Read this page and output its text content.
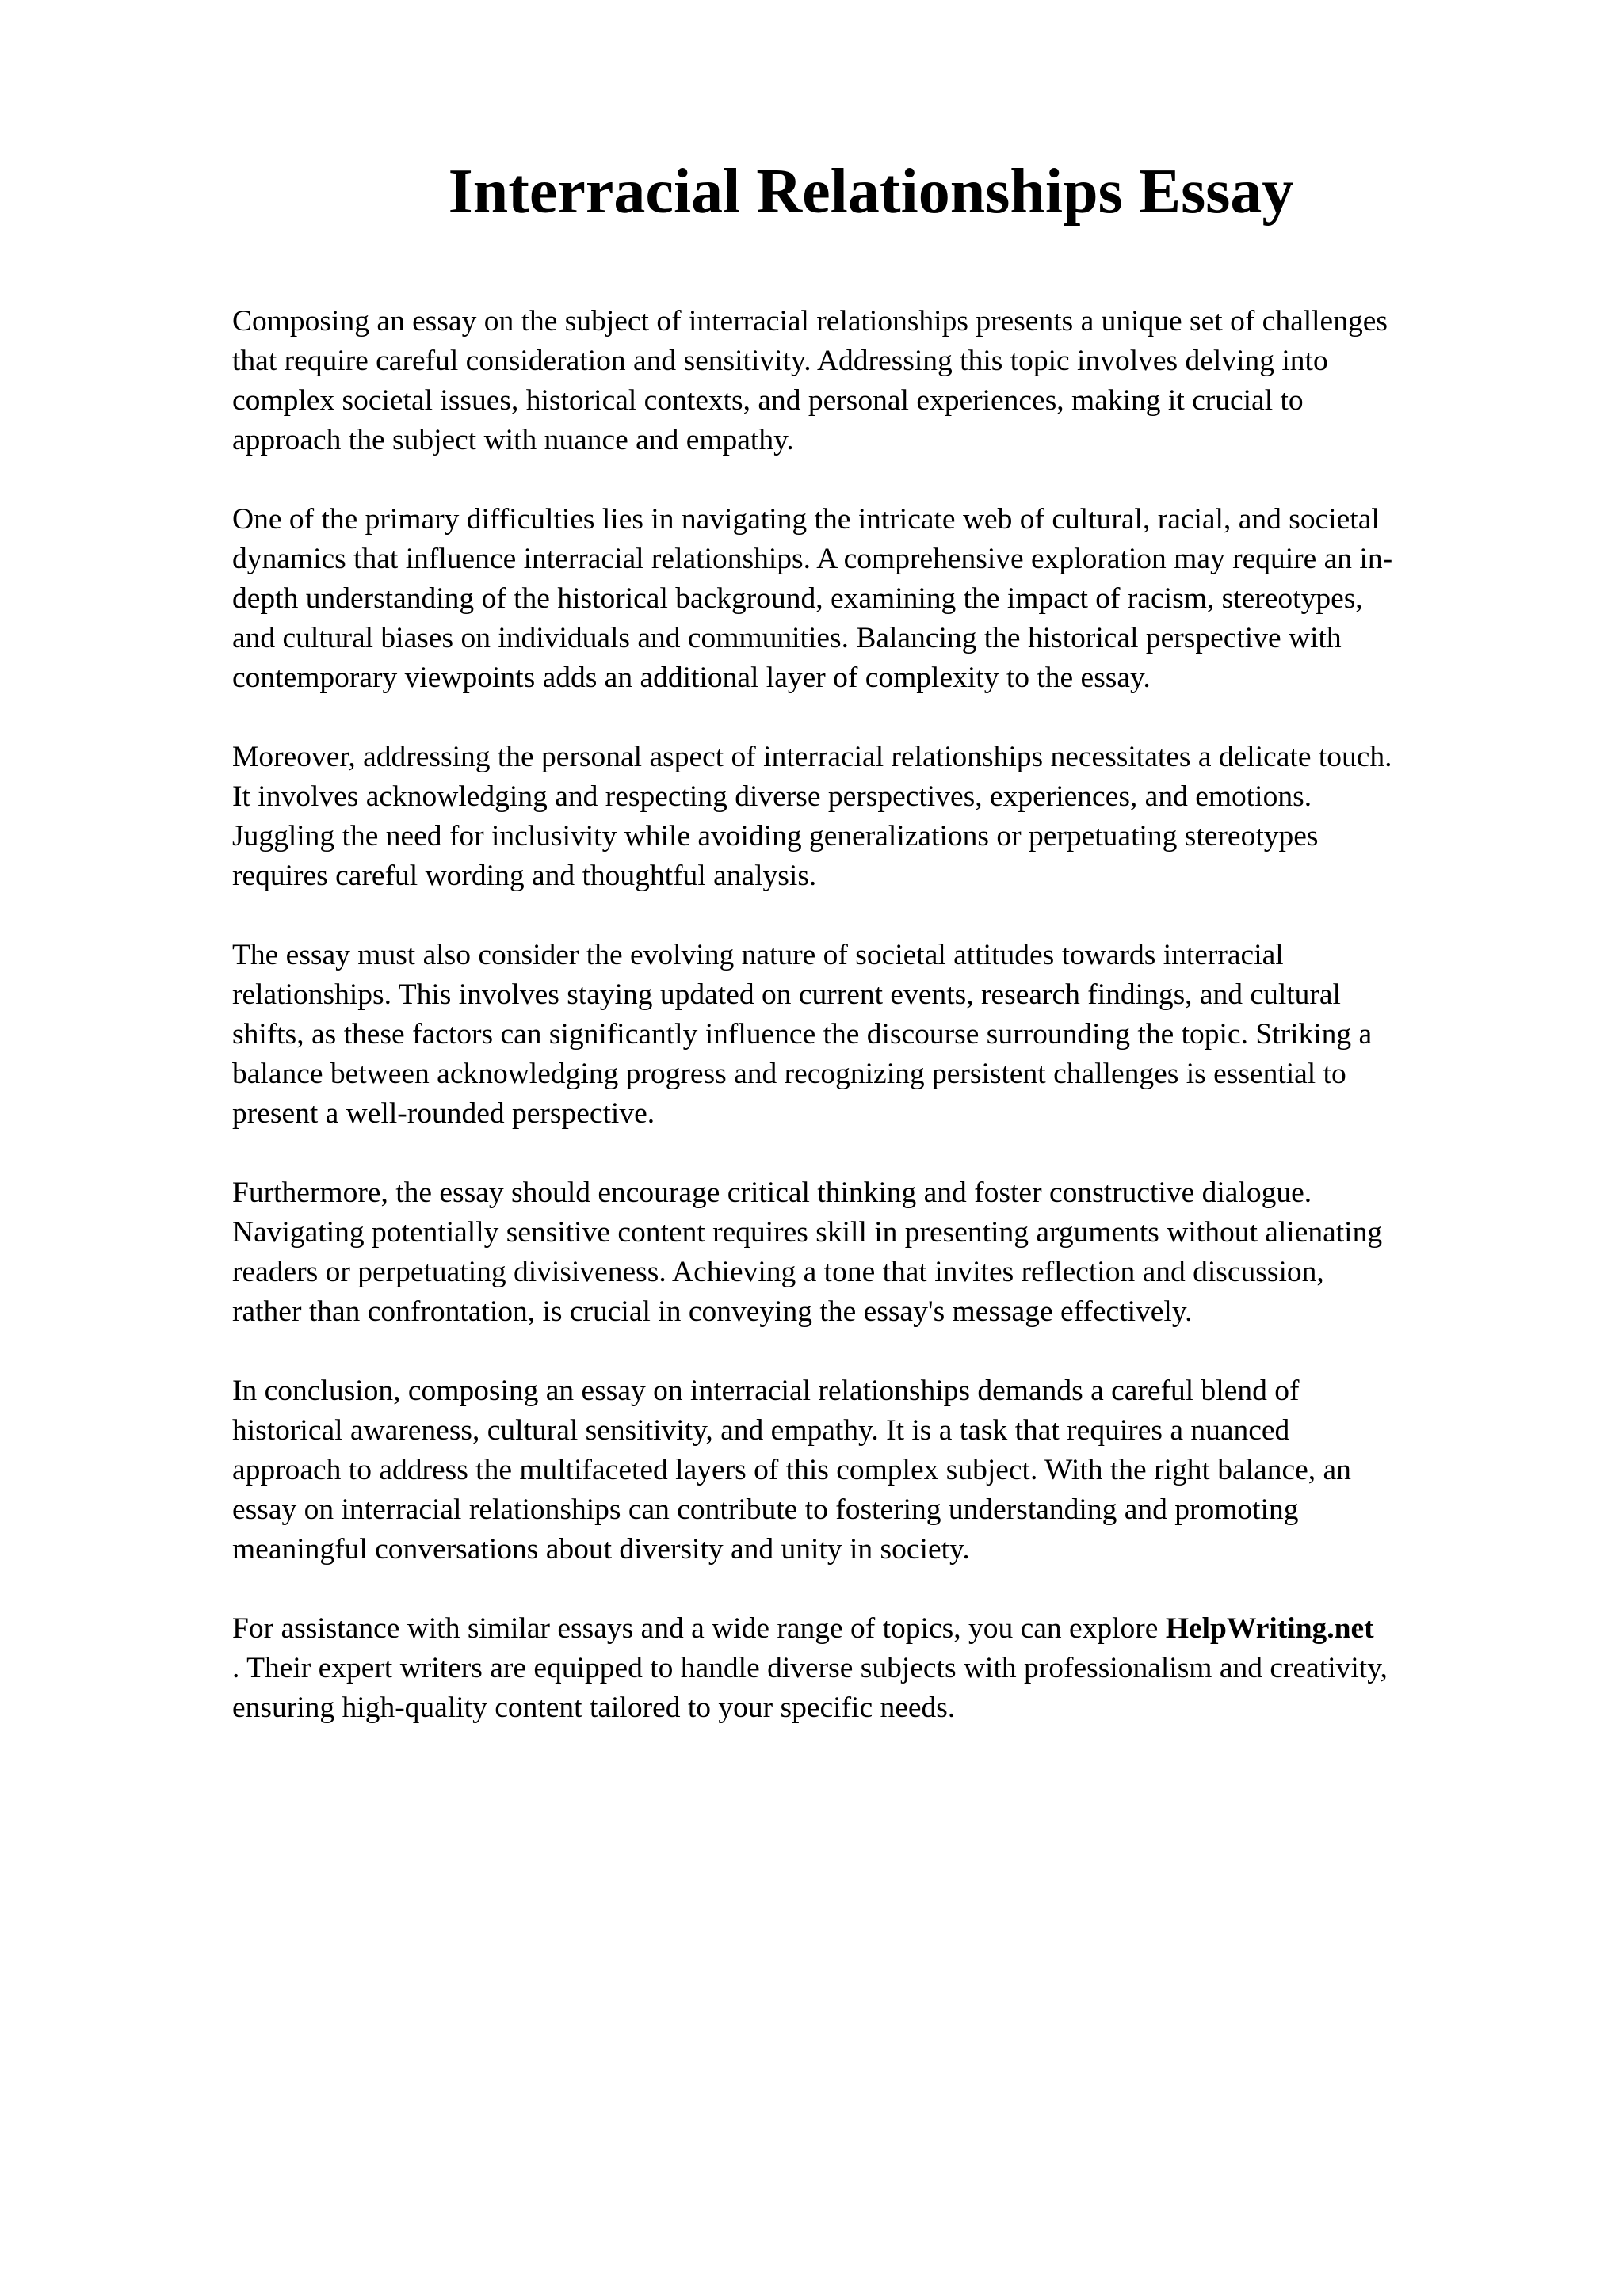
Interracial Relationships Essay

Composing an essay on the subject of interracial relationships presents a unique set of challenges
that require careful consideration and sensitivity. Addressing this topic involves delving into
complex societal issues, historical contexts, and personal experiences, making it crucial to
approach the subject with nuance and empathy.

One of the primary difficulties lies in navigating the intricate web of cultural, racial, and societal
dynamics that influence interracial relationships. A comprehensive exploration may require an in-
depth understanding of the historical background, examining the impact of racism, stereotypes,
and cultural biases on individuals and communities. Balancing the historical perspective with
contemporary viewpoints adds an additional layer of complexity to the essay.

Moreover, addressing the personal aspect of interracial relationships necessitates a delicate touch.
It involves acknowledging and respecting diverse perspectives, experiences, and emotions.
Juggling the need for inclusivity while avoiding generalizations or perpetuating stereotypes
requires careful wording and thoughtful analysis.

The essay must also consider the evolving nature of societal attitudes towards interracial
relationships. This involves staying updated on current events, research findings, and cultural
shifts, as these factors can significantly influence the discourse surrounding the topic. Striking a
balance between acknowledging progress and recognizing persistent challenges is essential to
present a well-rounded perspective.

Furthermore, the essay should encourage critical thinking and foster constructive dialogue.
Navigating potentially sensitive content requires skill in presenting arguments without alienating
readers or perpetuating divisiveness. Achieving a tone that invites reflection and discussion,
rather than confrontation, is crucial in conveying the essay's message effectively.

In conclusion, composing an essay on interracial relationships demands a careful blend of
historical awareness, cultural sensitivity, and empathy. It is a task that requires a nuanced
approach to address the multifaceted layers of this complex subject. With the right balance, an
essay on interracial relationships can contribute to fostering understanding and promoting
meaningful conversations about diversity and unity in society.

For assistance with similar essays and a wide range of topics, you can explore HelpWriting.net
. Their expert writers are equipped to handle diverse subjects with professionalism and creativity,
ensuring high-quality content tailored to your specific needs.
